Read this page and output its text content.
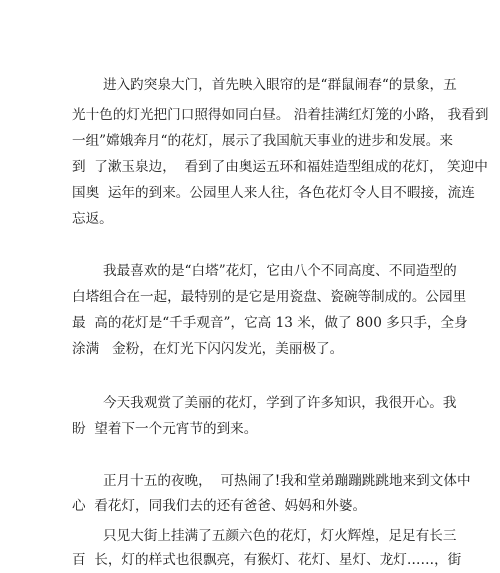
进入趵突泉大门，首先映入眼帘的是“群鼠闹春“的景象，五
光十色的灯光把门口照得如同白昼。 沿着挂满红灯笼的小路， 我看到
一组”嫦娥奔月“的花灯，展示了我国航天事业的进步和发展。来
到  了漱玉泉边，  看到了由奥运五环和福娃造型组成的花灯， 笑迎中
国奥  运年的到来。公园里人来人往，各色花灯令人目不暇接，流连
忘返。
我最喜欢的是“白塔”花灯，它由八个不同高度、不同造型的
白塔组合在一起，最特别的是它是用瓷盘、瓷碗等制成的。公园里
最  高的花灯是“千手观音”，它高 13 米，做了 800 多只手，全身
涂满   金粉，在灯光下闪闪发光，美丽极了。
今天我观赏了美丽的花灯，学到了许多知识，我很开心。我
盼  望着下一个元宵节的到来。
正月十五的夜晚，  可热闹了!我和堂弟蹦蹦跳跳地来到文体中
心  看花灯，同我们去的还有爸爸、妈妈和外婆。
只见大街上挂满了五颜六色的花灯，灯火辉煌，足足有长三
百  长，灯的样式也很飘亮，有猴灯、花灯、星灯、龙灯……，街
